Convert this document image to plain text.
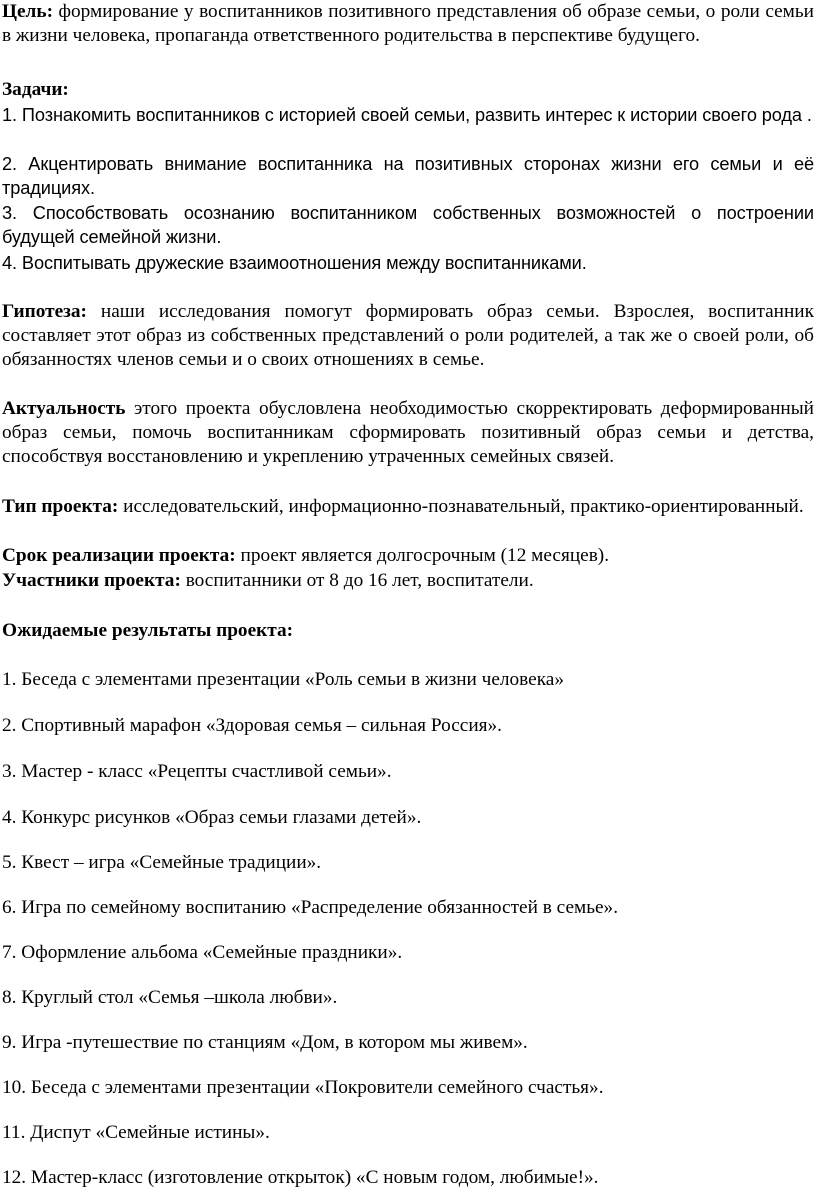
Цель: формирование у воспитанников позитивного представления об образе семьи, о роли семьи в жизни человека, пропаганда ответственного родительства в перспективе будущего.

Задачи:

1. Познакомить воспитанников с историей своей семьи, развить интерес к истории своего рода .

2. Акцентировать внимание воспитанника на позитивных сторонах жизни его семьи и её традициях.

3. Способствовать осознанию воспитанником собственных возможностей о построении будущей семейной жизни.

4. Воспитывать дружеские взаимоотношения между воспитанниками.

Гипотеза: наши исследования помогут формировать образ семьи. Взрослея, воспитанник составляет этот образ из собственных представлений о роли родителей, а так же о своей роли, об обязанностях членов семьи и о своих отношениях в семье.

Актуальность этого проекта обусловлена необходимостью скорректировать деформированный образ семьи, помочь воспитанникам сформировать позитивный образ семьи и детства, способствуя восстановлению и укреплению утраченных семейных связей.

Тип проекта: исследовательский, информационно-познавательный, практико-ориентированный.

Срок реализации проекта: проект является долгосрочным (12 месяцев).

Участники проекта: воспитанники от 8 до 16 лет, воспитатели.

Ожидаемые результаты проекта:

1. Беседа с элементами презентации «Роль семьи в жизни человека»

2. Спортивный марафон «Здоровая семья – сильная Россия».

3. Мастер - класс «Рецепты счастливой семьи».

4. Конкурс рисунков «Образ семьи глазами детей».

5. Квест – игра «Семейные традиции».

6. Игра по семейному воспитанию «Распределение обязанностей в семье».

7. Оформление альбома «Семейные праздники».

8. Круглый стол «Семья –школа любви».

9. Игра -путешествие по станциям «Дом, в котором мы живем».

10. Беседа с элементами презентации «Покровители семейного счастья».

11. Диспут «Семейные истины».

12. Мастер-класс (изготовление открыток) «С новым годом, любимые!».
